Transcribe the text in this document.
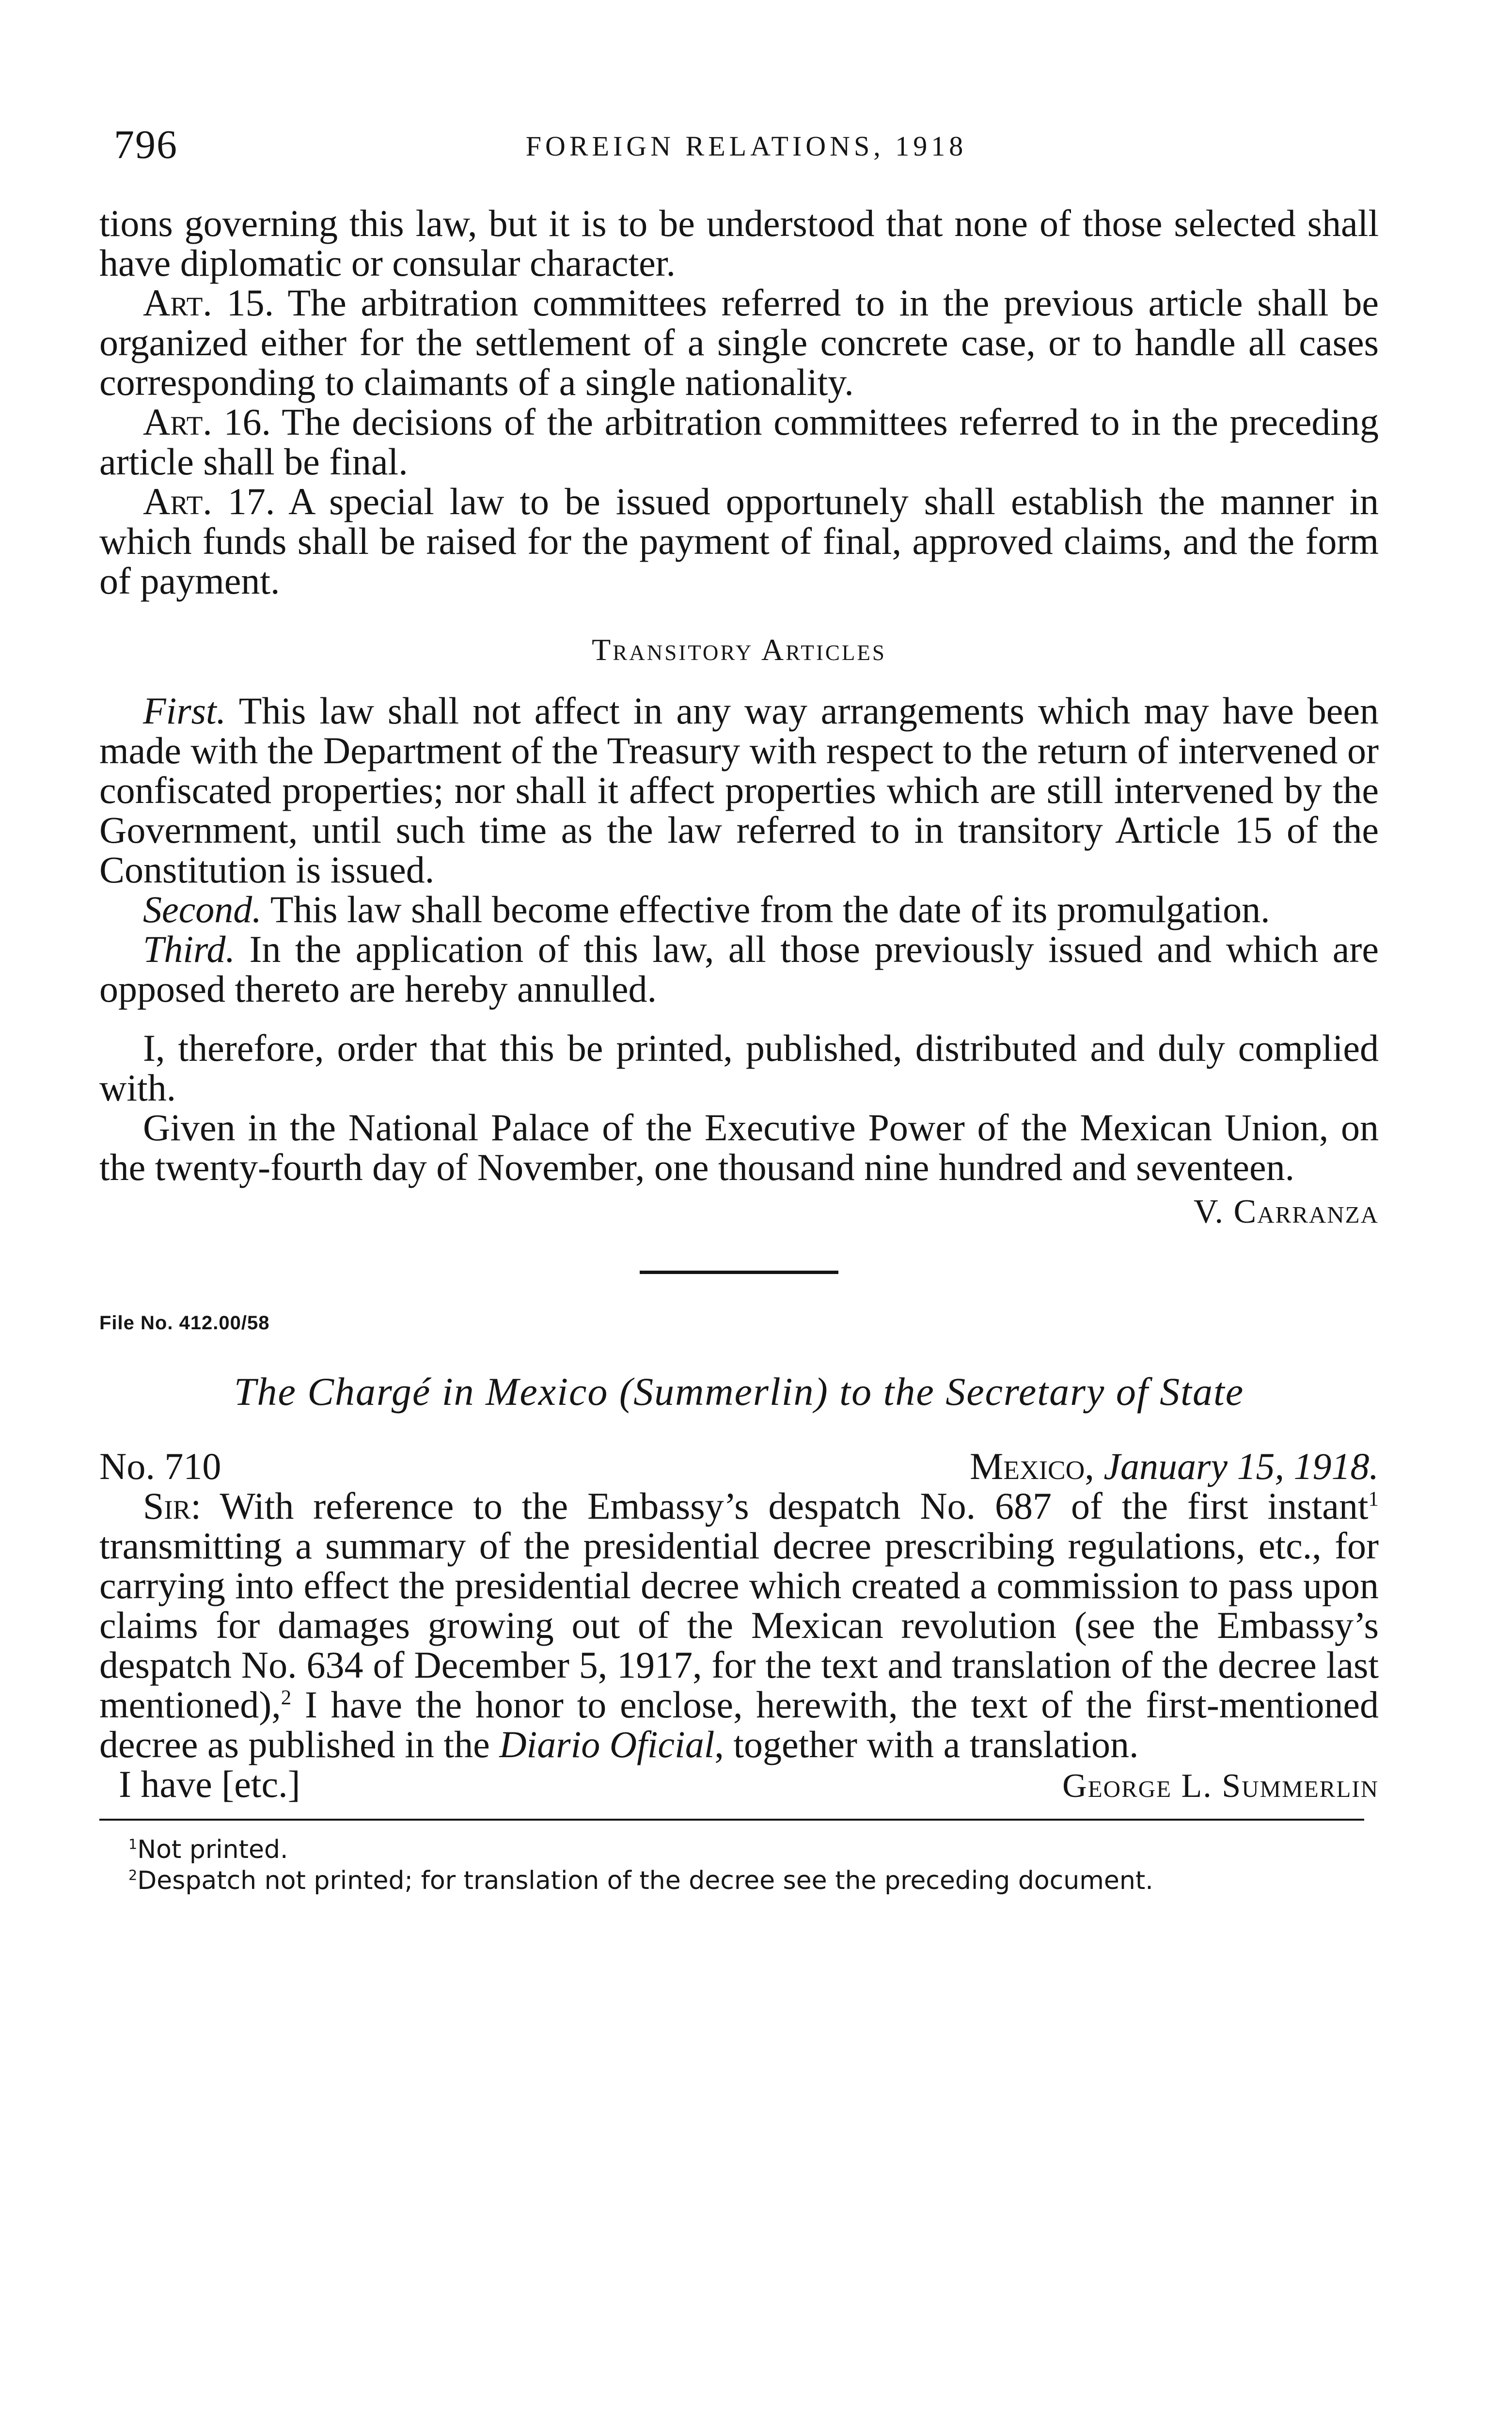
796	FOREIGN RELATIONS, 1918

tions governing this law, but it is to be understood that none of those selected shall have diplomatic or consular character.

Art. 15. The arbitration committees referred to in the previous article shall be organized either for the settlement of a single concrete case, or to handle all cases corresponding to claimants of a single nationality.

Art. 16. The decisions of the arbitration committees referred to in the preceding article shall be final.

Art. 17. A special law to be issued opportunely shall establish the manner in which funds shall be raised for the payment of final, approved claims, and the form of payment.

Transitory Articles

First. This law shall not affect in any way arrangements which may have been made with the Department of the Treasury with respect to the return of intervened or confiscated properties; nor shall it affect properties which are still intervened by the Government, until such time as the law referred to in transitory Article 15 of the Constitution is issued.

Second. This law shall become effective from the date of its promulgation.

Third. In the application of this law, all those previously issued and which are opposed thereto are hereby annulled.

I, therefore, order that this be printed, published, distributed and duly complied with.

Given in the National Palace of the Executive Power of the Mexican Union, on the twenty-fourth day of November, one thousand nine hundred and seventeen.

V. Carranza
File No. 412.00/58
The Chargé in Mexico (Summerlin) to the Secretary of State
No. 710	Mexico, January 15, 1918.

Sir: With reference to the Embassy’s despatch No. 687 of the first instant$^1$ transmitting a summary of the presidential decree prescribing regulations, etc., for carrying into effect the presidential decree which created a commission to pass upon claims for damages growing out of the Mexican revolution (see the Embassy’s despatch No. 634 of December 5, 1917, for the text and translation of the decree last mentioned),$^2$ I have the honor to enclose, herewith, the text of the first-mentioned decree as published in the Diario Oficial, together with a translation.

I have [etc.]	George L. Summerlin
$^1$Not printed.
$^2$Despatch not printed; for translation of the decree see the preceding document.
